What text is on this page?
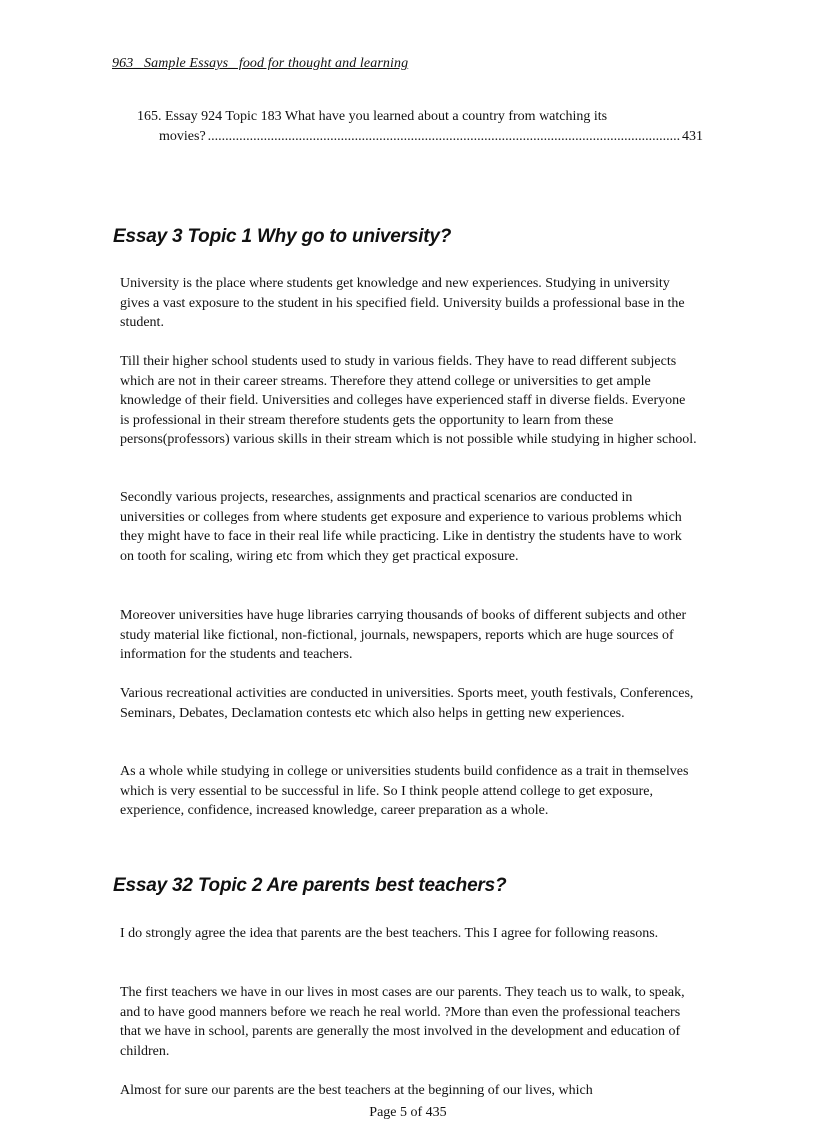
963_ Sample Essays_ food for thought and learning
165. Essay 924 Topic 183 What have you learned about a country from watching its
movies?
.....	431
Essay 3 Topic 1 Why go to university?
University is the place where students get knowledge and new experiences. Studying in university gives a vast exposure to the student in his specified field. University builds a professional base in the student.
Till their higher school students used to study in various fields. They have to read different subjects which are not in their career streams. Therefore they attend college or universities to get ample knowledge of their field. Universities and colleges have experienced staff in diverse fields. Everyone is professional in their stream therefore students gets the opportunity to learn from these persons(professors) various skills in their stream which is not possible while studying in higher school.
Secondly various projects, researches, assignments and practical scenarios are conducted in universities or colleges from where students get exposure and experience to various problems which they might have to face in their real life while practicing. Like in dentistry the students have to work on tooth for scaling, wiring etc from which they get practical exposure.
Moreover universities have huge libraries carrying thousands of books of different subjects and other study material like fictional, non-fictional, journals, newspapers, reports which are huge sources of information for the students and teachers.
Various recreational activities are conducted in universities. Sports meet, youth festivals, Conferences, Seminars, Debates, Declamation contests etc which also helps in getting new experiences.
As a whole while studying in college or universities students build confidence as a trait in themselves which is very essential to be successful in life. So I think people attend college to get exposure, experience, confidence, increased knowledge, career preparation as a whole.
Essay 32 Topic 2 Are parents best teachers?
I do strongly agree the idea that parents are the best teachers. This I agree for following reasons.
The first teachers we have in our lives in most cases are our parents. They teach us to walk, to speak, and to have good manners before we reach he real world. ?More than even the professional teachers that we have in school, parents are generally the most involved in the development and education of children.
Almost for sure our parents are the best teachers at the beginning of our lives, which
Page 5 of 435
